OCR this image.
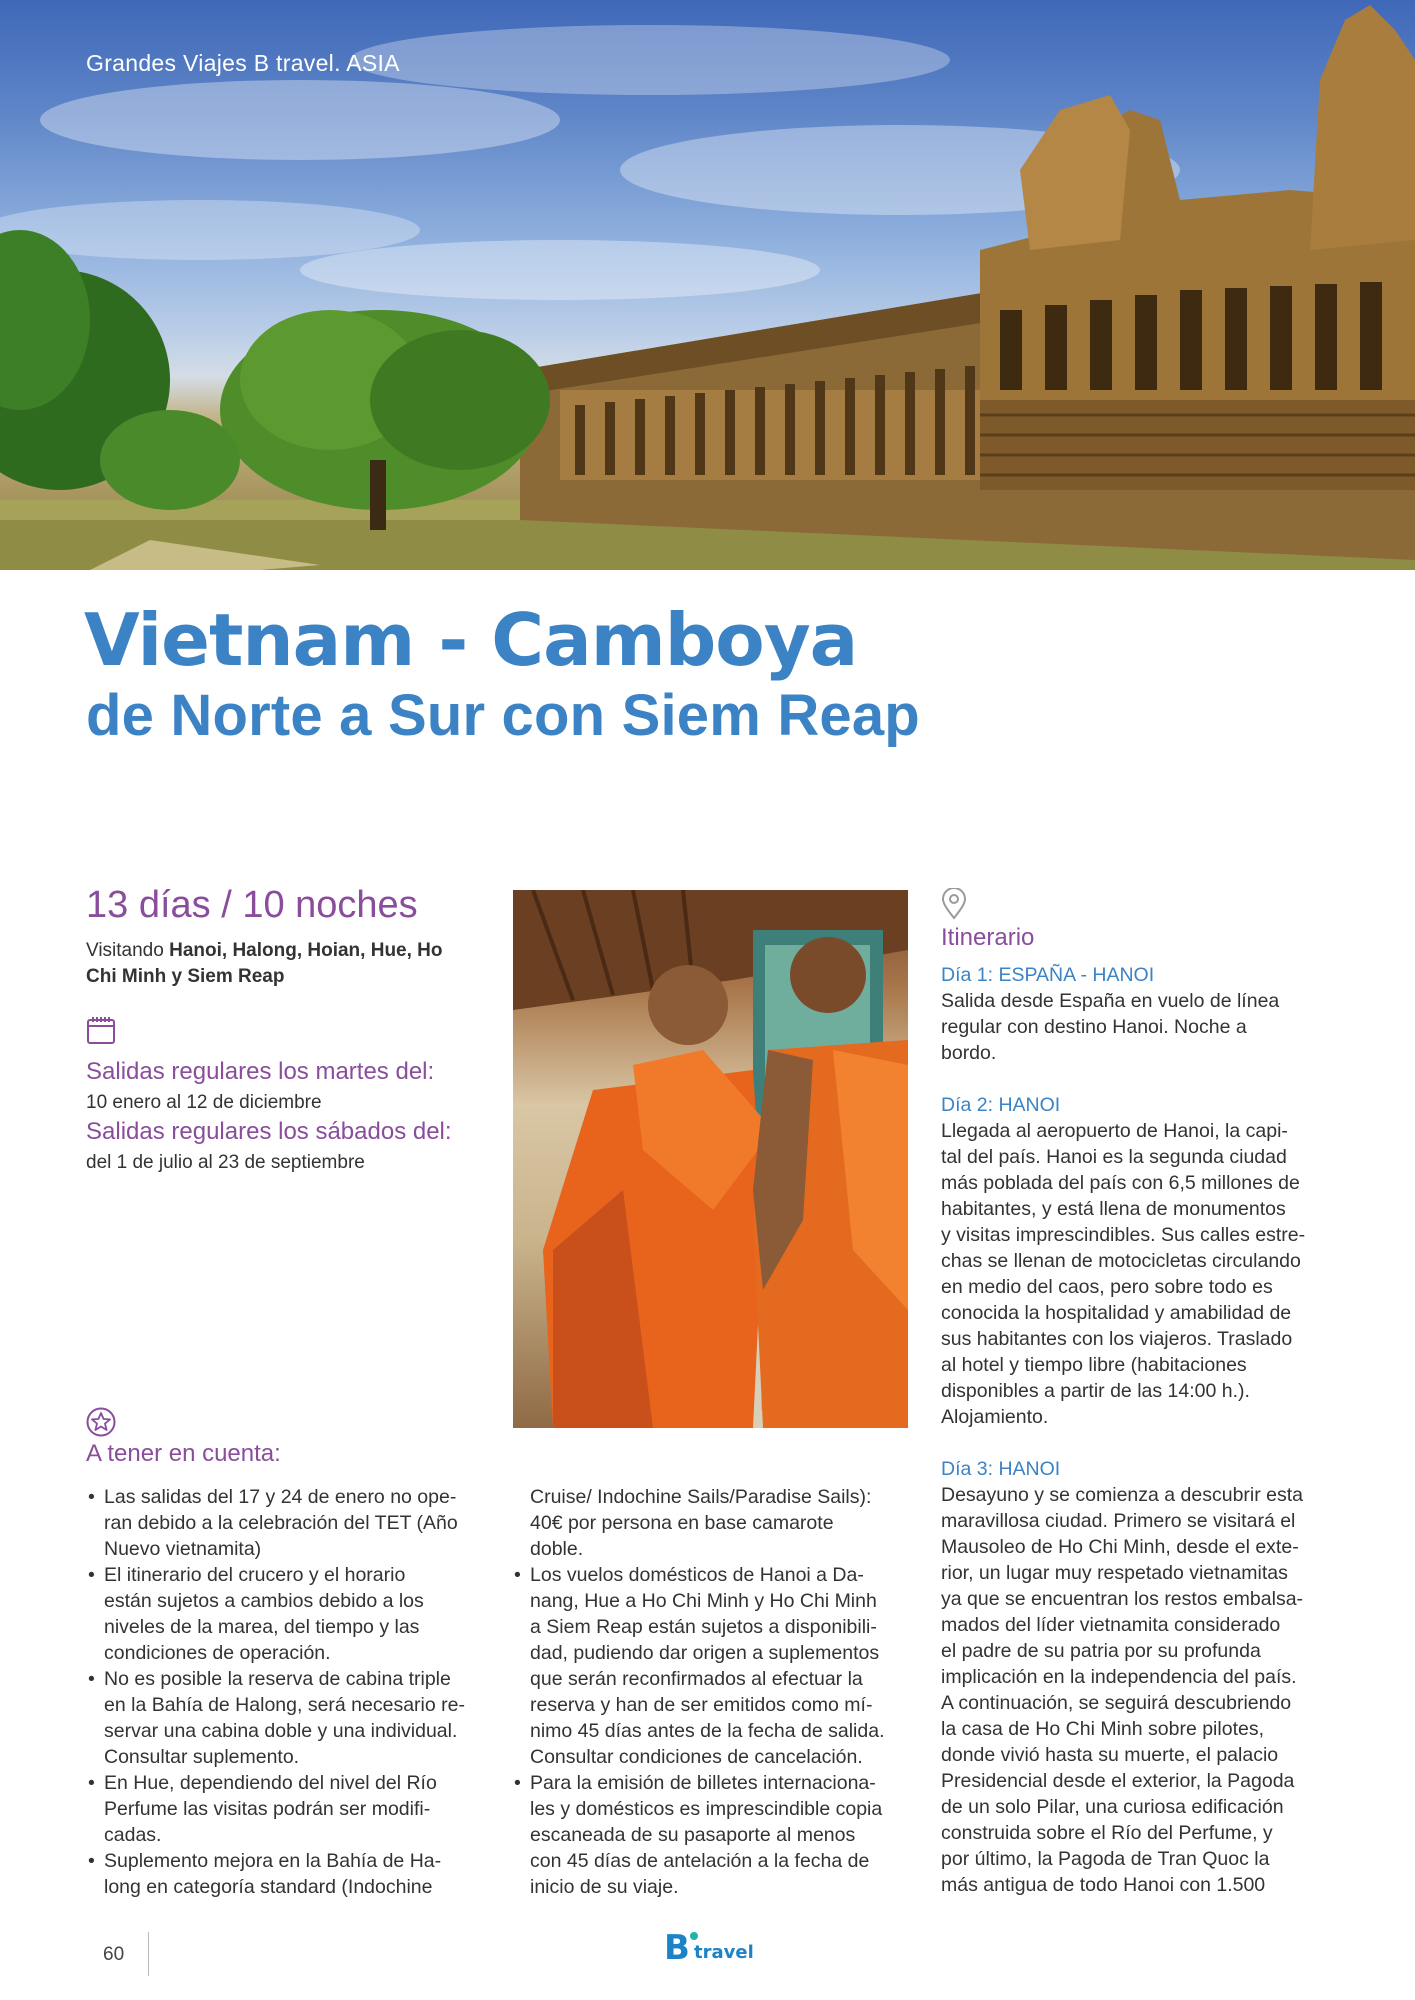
Grandes Viajes B travel. ASIA
Vietnam - Camboya
de Norte a Sur con Siem Reap
13 días / 10 noches
Visitando Hanoi, Halong, Hoian, Hue, Ho Chi Minh y Siem Reap
Salidas regulares los martes del:
10 enero al 12 de diciembre
Salidas regulares los sábados del:
del 1 de julio al 23 de septiembre
A tener en cuenta:
• Las salidas del 17 y 24 de enero no ope-
ran debido a la celebración del TET (Año
Nuevo vietnamita)
• El itinerario del crucero y el horario
están sujetos a cambios debido a los
niveles de la marea, del tiempo y las
condiciones de operación.
• No es posible la reserva de cabina triple
en la Bahía de Halong, será necesario re-
servar una cabina doble y una individual.
Consultar suplemento.
• En Hue, dependiendo del nivel del Río
Perfume las visitas podrán ser modifi-
cadas.
• Suplemento mejora en la Bahía de Ha-
long en categoría standard (Indochine
Cruise/ Indochine Sails/Paradise Sails):
40€ por persona en base camarote
doble.
• Los vuelos domésticos de Hanoi a Da-
nang, Hue a Ho Chi Minh y Ho Chi Minh
a Siem Reap están sujetos a disponibili-
dad, pudiendo dar origen a suplementos
que serán reconfirmados al efectuar la
reserva y han de ser emitidos como mí-
nimo 45 días antes de la fecha de salida.
Consultar condiciones de cancelación.
• Para la emisión de billetes internaciona-
les y domésticos es imprescindible copia
escaneada de su pasaporte al menos
con 45 días de antelación a la fecha de
inicio de su viaje.
Itinerario
Día 1: ESPAÑA - HANOI
Salida desde España en vuelo de línea
regular con destino Hanoi. Noche a
bordo.
Día 2: HANOI
Llegada al aeropuerto de Hanoi, la capi-
tal del país. Hanoi es la segunda ciudad
más poblada del país con 6,5 millones de
habitantes, y está llena de monumentos
y visitas imprescindibles. Sus calles estre-
chas se llenan de motocicletas circulando
en medio del caos, pero sobre todo es
conocida la hospitalidad y amabilidad de
sus habitantes con los viajeros. Traslado
al hotel y tiempo libre (habitaciones
disponibles a partir de las 14:00 h.).
Alojamiento.
Día 3: HANOI
Desayuno y se comienza a descubrir esta
maravillosa ciudad. Primero se visitará el
Mausoleo de Ho Chi Minh, desde el exte-
rior, un lugar muy respetado vietnamitas
ya que se encuentran los restos embalsa-
mados del líder vietnamita considerado
el padre de su patria por su profunda
implicación en la independencia del país.
A continuación, se seguirá descubriendo
la casa de Ho Chi Minh sobre pilotes,
donde vivió hasta su muerte, el palacio
Presidencial desde el exterior, la Pagoda
de un solo Pilar, una curiosa edificación
construida sobre el Río del Perfume, y
por último, la Pagoda de Tran Quoc la
más antigua de todo Hanoi con 1.500
60	B travel
